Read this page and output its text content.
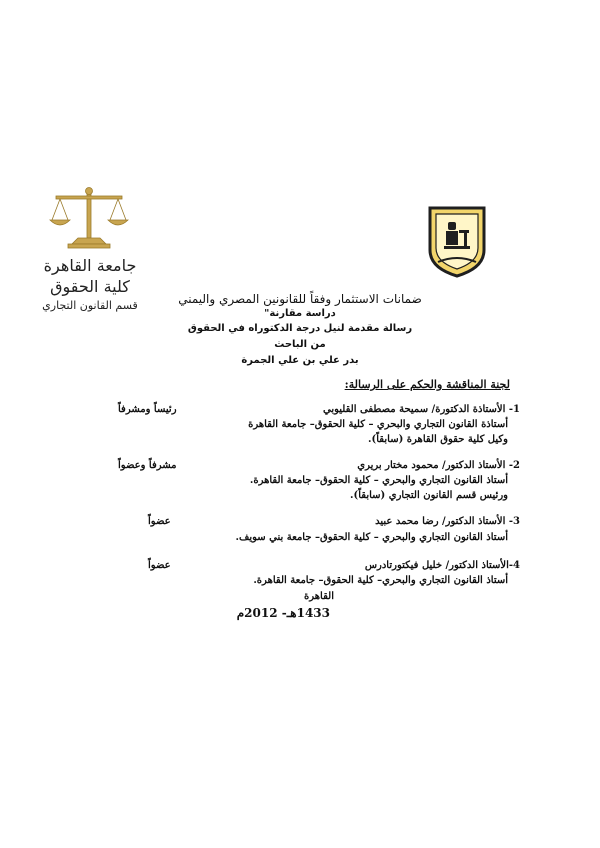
جامعة القاهرة
كلية الحقوق
قسم القانون التجاري	ضمانات الاستثمار وفقاً للقانونين المصري واليمني
دراسة مقارنة"
رسالة مقدمة لنيل درجة الدكتوراه في الحقوق
من الباحث
بدر علي بن علي الجمرة
لجنة المناقشة والحكم على الرسالة:
1- الأستاذة الدكتورة/ سميحة مصطفى القليوبي
أستاذة القانون التجاري والبحري – كلية الحقوق– جامعة القاهرة
وكيل كلية حقوق القاهرة (سابقاً).
رئيساً ومشرفاً
2- الأستاذ الدكتور/ محمود مختار بريري
أستاذ القانون التجاري والبحري – كلية الحقوق– جامعة القاهرة.
ورئيس قسم القانون التجاري (سابقاً).
مشرفاً وعضواً
3- الأستاذ الدكتور/ رضا محمد عبيد
أستاذ القانون التجاري والبحري – كلية الحقوق– جامعة بني سويف.
عضواً
4-الأستاذ الدكتور/ خليل فيكتورتادرس
أستاذ القانون التجاري والبحري– كلية الحقوق– جامعة القاهرة.
عضواً
القاهرة
1433هـ- 2012م
